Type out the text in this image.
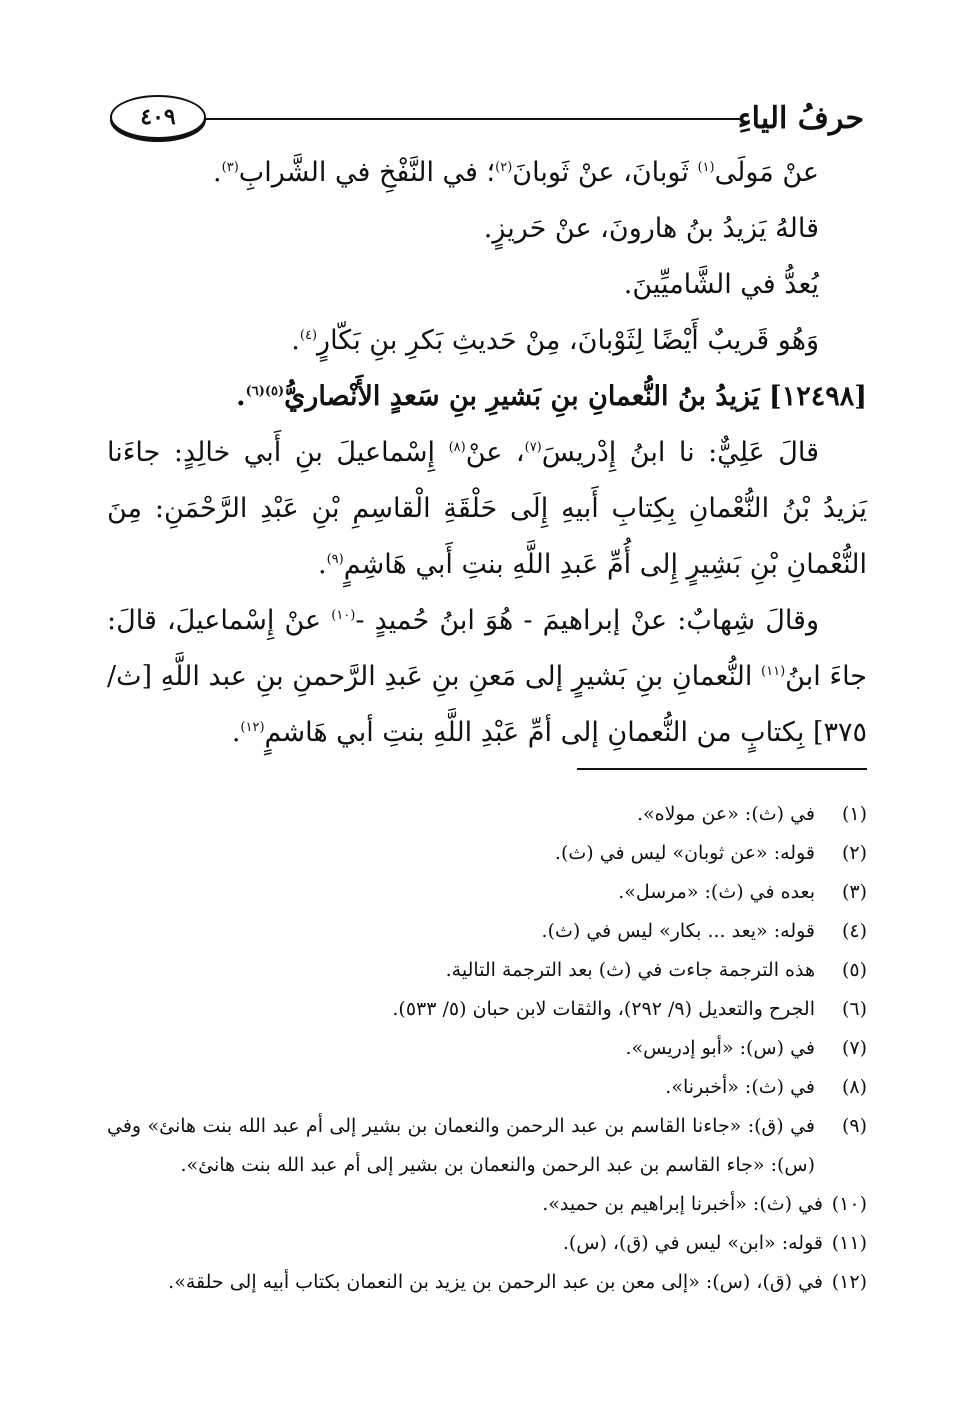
حرفُ الياءِ
٤٠٩

عنْ مَولَى$^{(١)}$ ثَوبانَ، عنْ ثَوبانَ$^{(٢)}$؛ في النَّفْخِ في الشَّرابِ$^{(٣)}$.

قالهُ يَزيدُ بنُ هارونَ، عنْ حَريزٍ.

يُعدُّ في الشَّاميِّينَ.

وَهُو قَريبٌ أَيْضًا لِثَوْبانَ، مِنْ حَديثِ بَكرِ بنِ بَكّارٍ$^{(٤)}$.

[١٢٤٩٨] يَزيدُ بنُ النُّعمانِ بنِ بَشيرِ بنِ سَعدٍ الأَنْصاريُّ$^{(٥)(٦)}$.

قالَ عَلِيٌّ: نا ابنُ إِدْريسَ$^{(٧)}$، عنْ$^{(٨)}$ إِسْماعيلَ بنِ أَبي خالِدٍ: جاءَنا يَزيدُ بْنُ النُّعْمانِ بِكِتابِ أَبيهِ إِلَى حَلْقَةِ الْقاسِمِ بْنِ عَبْدِ الرَّحْمَنِ: مِنَ النُّعْمانِ بْنِ بَشِيرٍ إِلى أُمِّ عَبدِ اللَّهِ بنتِ أَبي هَاشِمٍ$^{(٩)}$.

وقالَ شِهابٌ: عنْ إبراهيمَ - هُوَ ابنُ حُميدٍ -$^{(١٠)}$ عنْ إِسْماعيلَ، قالَ: جاءَ ابنُ$^{(١١)}$ النُّعمانِ بنِ بَشيرٍ إلى مَعنِ بنِ عَبدِ الرَّحمنِ بنِ عبد اللَّهِ [ث/ ٣٧٥] بِكتابٍ من النُّعمانِ إلى أمِّ عَبْدِ اللَّهِ بنتِ أبي هَاشمٍ$^{(١٢)}$.

(١)
في (ث): «عن مولاه».
(٢)
قوله: «عن ثوبان» ليس في (ث).
(٣)
بعده في (ث): «مرسل».
(٤)
قوله: «يعد ... بكار» ليس في (ث).
(٥)
هذه الترجمة جاءت في (ث) بعد الترجمة التالية.
(٦)
الجرح والتعديل (٩/ ٢٩٢)، والثقات لابن حبان (٥/ ٥٣٣).
(٧)
في (س): «أبو إدريس».
(٨)
في (ث): «أخبرنا».
(٩)
في (ق): «جاءنا القاسم بن عبد الرحمن والنعمان بن بشير إلى أم عبد الله بنت هانئ» وفي (س): «جاء القاسم بن عبد الرحمن والنعمان بن بشير إلى أم عبد الله بنت هانئ».
(١٠)
في (ث): «أخبرنا إبراهيم بن حميد».
(١١)
قوله: «ابن» ليس في (ق)، (س).
(١٢)
في (ق)، (س): «إلى معن بن عبد الرحمن بن يزيد بن النعمان بكتاب أبيه إلى حلقة».
